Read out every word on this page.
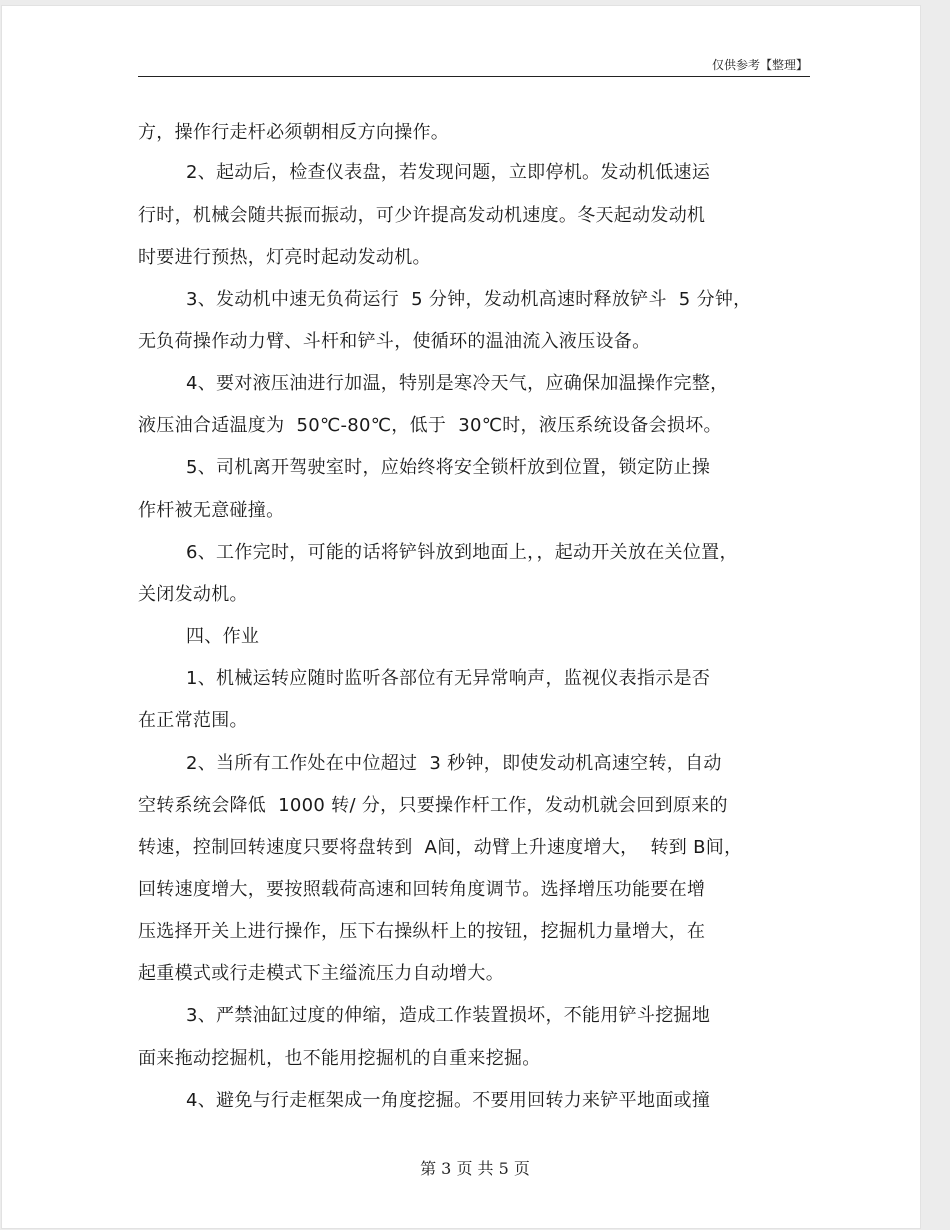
仅供参考【整理】
方，操作行走杆必须朝相反方向操作。
2、起动后，检查仪表盘，若发现问题，立即停机。发动机低速运
行时，机械会随共振而振动，可少许提高发动机速度。冬天起动发动机
时要进行预热，灯亮时起动发动机。
3、发动机中速无负荷运行  5 分钟，发动机高速时释放铲斗  5 分钟，
无负荷操作动力臂、斗杆和铲斗，使循环的温油流入液压设备。
4、要对液压油进行加温，特别是寒冷天气，应确保加温操作完整，
液压油合适温度为  50℃-80℃，低于  30℃时，液压系统设备会损坏。
5、司机离开驾驶室时，应始终将安全锁杆放到位置，锁定防止操
作杆被无意碰撞。
6、工作完时，可能的话将铲钭放到地面上，，起动开关放在关位置，
关闭发动机。
四、作业
1、机械运转应随时监听各部位有无异常响声，监视仪表指示是否
在正常范围。
2、当所有工作处在中位超过  3 秒钟，即使发动机高速空转，自动
空转系统会降低  1000 转/ 分，只要操作杆工作，发动机就会回到原来的
转速，控制回转速度只要将盘转到  A间，动臂上升速度增大，  转到 B间，
回转速度增大，要按照载荷高速和回转角度调节。选择增压功能要在增
压选择开关上进行操作，压下右操纵杆上的按钮，挖掘机力量增大，在
起重模式或行走模式下主缢流压力自动增大。
3、严禁油缸过度的伸缩，造成工作装置损坏，不能用铲斗挖掘地
面来拖动挖掘机，也不能用挖掘机的自重来挖掘。
4、避免与行走框架成一角度挖掘。不要用回转力来铲平地面或撞
第 3 页 共 5 页
